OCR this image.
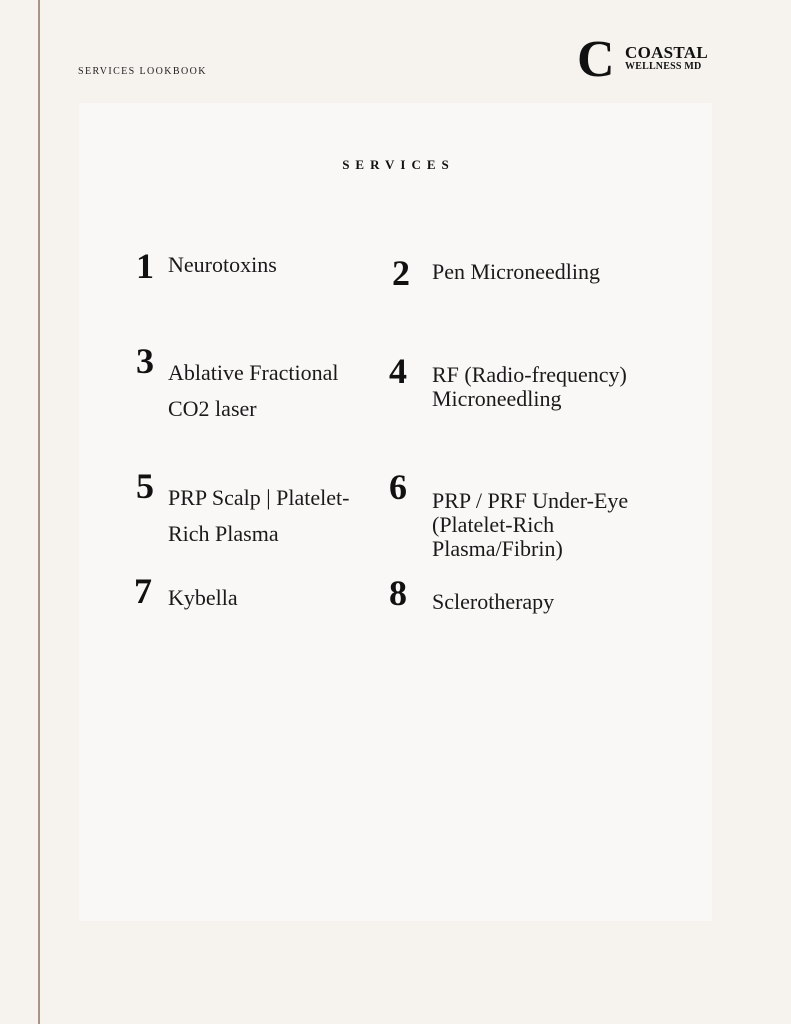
SERVICES LOOKBOOK	C COASTAL
WELLNESS MD
SERVICES
1 Neurotoxins	2 Pen Microneedling
3 Ablative Fractional
CO2 laser
4 RF (Radio-frequency)
Microneedling
5 PRP Scalp | Platelet-
Rich Plasma
6 PRP / PRF Under-Eye
(Platelet-Rich
Plasma/Fibrin)
7 Kybella	8 Sclerotherapy
